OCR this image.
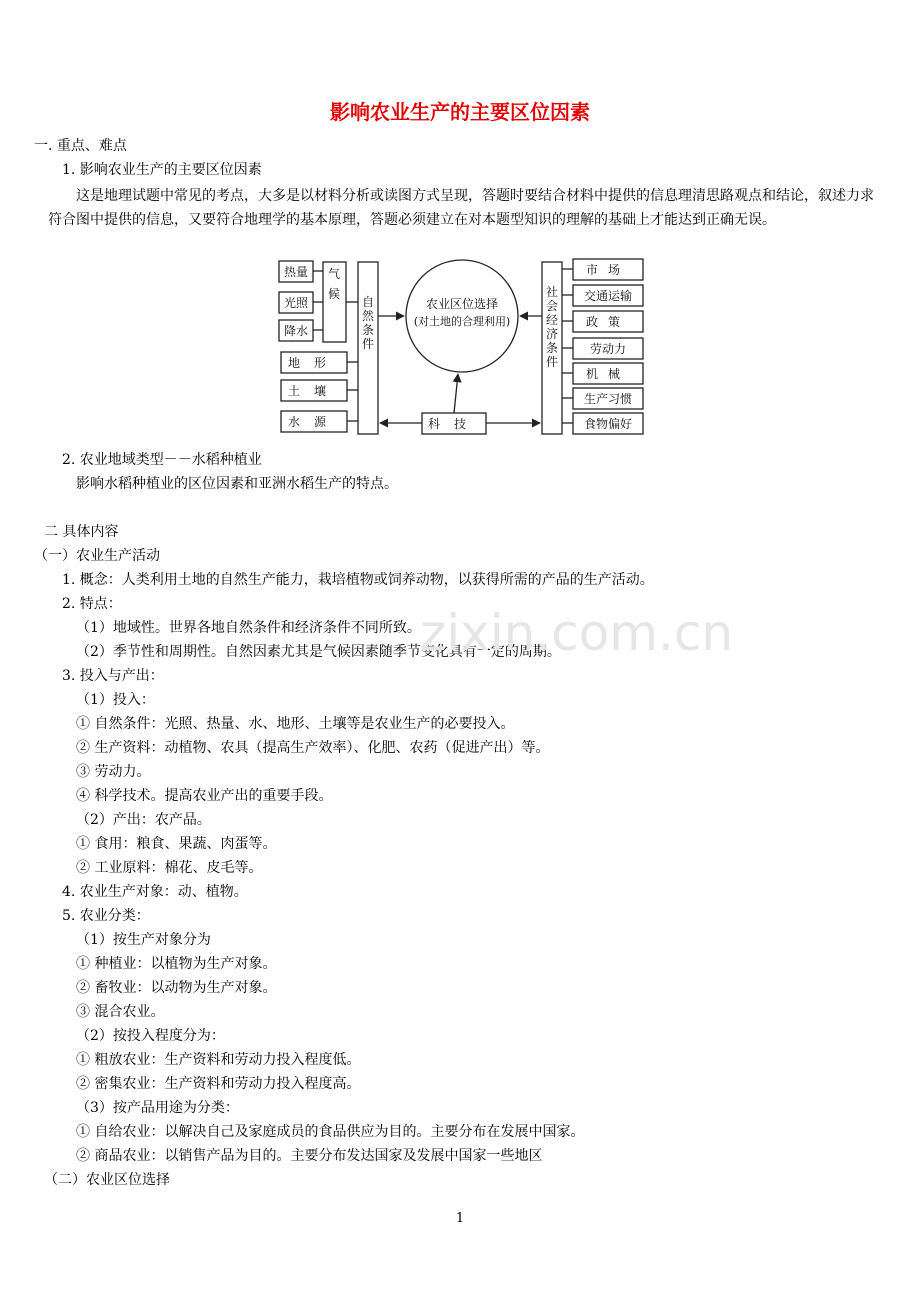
影响农业生产的主要区位因素
一. 重点、难点
1. 影响农业生产的主要区位因素
这是地理试题中常见的考点，大多是以材料分析或读图方式呈现，答题时要结合材料中提供的信息理清思路观点和结论，叙述力求符合图中提供的信息，又要符合地理学的基本原理，答题必须建立在对本题型知识的理解的基础上才能达到正确无误。
热量
光照
降水
气候
地形
土壤
水源
自然条件
农业区位选择
(对土地的合理利用)
社会经济条件
市场
交通运输
政策
劳动力
机械
生产习惯
食物偏好
科技
2. 农业地域类型－－水稻种植业
影响水稻种植业的区位因素和亚洲水稻生产的特点。
二 具体内容
（一）农业生产活动
1. 概念：人类利用土地的自然生产能力，栽培植物或饲养动物，以获得所需的产品的生产活动。
2. 特点：
（1）地域性。世界各地自然条件和经济条件不同所致。
（2）季节性和周期性。自然因素尤其是气候因素随季节变化具有一定的周期。
3. 投入与产出：
（1）投入：
① 自然条件：光照、热量、水、地形、土壤等是农业生产的必要投入。
② 生产资料：动植物、农具（提高生产效率）、化肥、农药（促进产出）等。
③ 劳动力。
④ 科学技术。提高农业产出的重要手段。
（2）产出：农产品。
① 食用：粮食、果蔬、肉蛋等。
② 工业原料：棉花、皮毛等。
4. 农业生产对象：动、植物。
5. 农业分类：
（1）按生产对象分为
① 种植业：以植物为生产对象。
② 畜牧业：以动物为生产对象。
③ 混合农业。
（2）按投入程度分为：
① 粗放农业：生产资料和劳动力投入程度低。
② 密集农业：生产资料和劳动力投入程度高。
（3）按产品用途为分类：
① 自给农业：以解决自己及家庭成员的食品供应为目的。主要分布在发展中国家。
② 商品农业：以销售产品为目的。主要分布发达国家及发展中国家一些地区
（二）农业区位选择
zixin.com.cn
1
